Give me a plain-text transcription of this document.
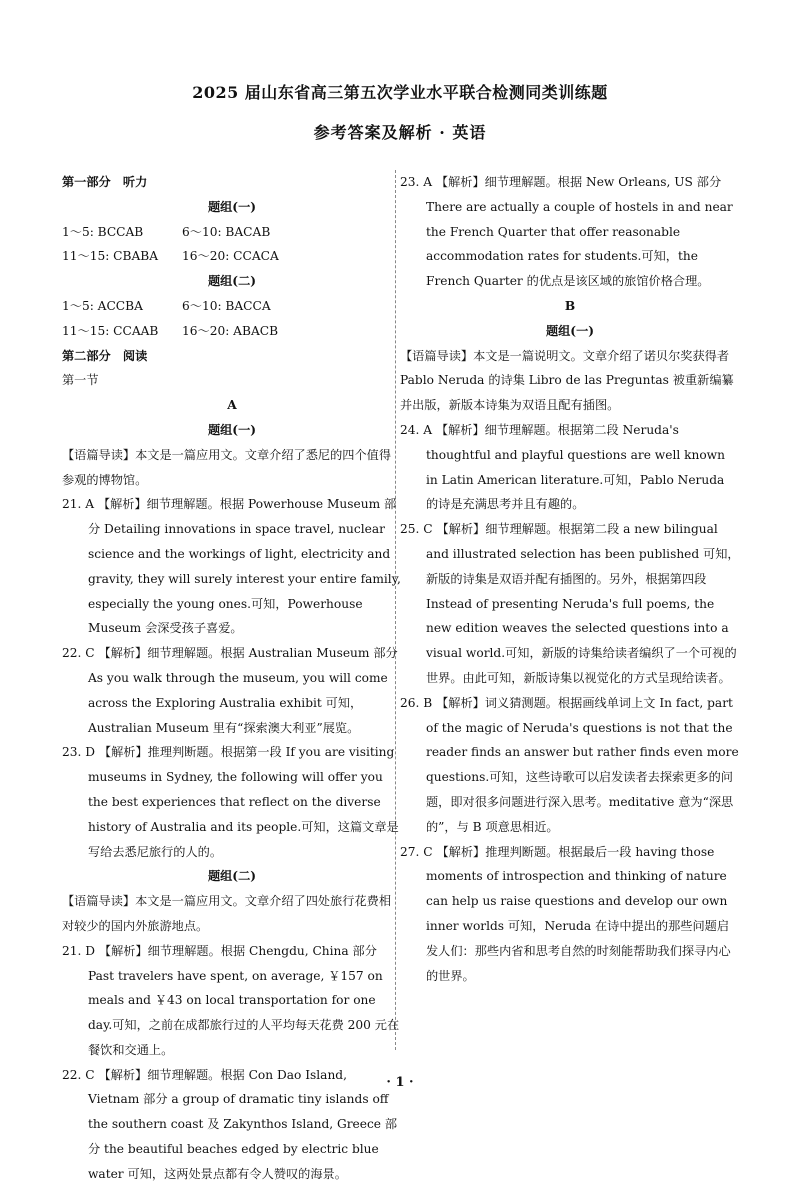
2025 届山东省高三第五次学业水平联合检测同类训练题
参考答案及解析 · 英语

第一部分　听力

题组(一)

1～5: BCCAB	6～10: BACAB
11～15: CBABA	16～20: CCACA

题组(二)

1～5: ACCBA	6～10: BACCA
11～15: CCAAB	16～20: ABACB

第二部分　阅读

第一节

A

题组(一)

【语篇导读】本文是一篇应用文。文章介绍了悉尼的四个值得参观的博物馆。

21. A 【解析】细节理解题。根据 Powerhouse Museum 部分 Detailing innovations in space travel, nuclear science and the workings of light, electricity and gravity, they will surely interest your entire family, especially the young ones.可知，Powerhouse Museum 会深受孩子喜爱。

22. C 【解析】细节理解题。根据 Australian Museum 部分 As you walk through the museum, you will come across the Exploring Australia exhibit 可知，Australian Museum 里有“探索澳大利亚”展览。

23. D 【解析】推理判断题。根据第一段 If you are visiting museums in Sydney, the following will offer you the best experiences that reflect on the diverse history of Australia and its people.可知，这篇文章是写给去悉尼旅行的人的。

题组(二)

【语篇导读】本文是一篇应用文。文章介绍了四处旅行花费相对较少的国内外旅游地点。

21. D 【解析】细节理解题。根据 Chengdu, China 部分 Past travelers have spent, on average, ￥157 on meals and ￥43 on local transportation for one day.可知，之前在成都旅行过的人平均每天花费 200 元在餐饮和交通上。

22. C 【解析】细节理解题。根据 Con Dao Island, Vietnam 部分 a group of dramatic tiny islands off the southern coast 及 Zakynthos Island, Greece 部分 the beautiful beaches edged by electric blue water 可知，这两处景点都有令人赞叹的海景。

23. A 【解析】细节理解题。根据 New Orleans, US 部分 There are actually a couple of hostels in and near the French Quarter that offer reasonable accommodation rates for students.可知，the French Quarter 的优点是该区域的旅馆价格合理。

B

题组(一)

【语篇导读】本文是一篇说明文。文章介绍了诺贝尔奖获得者 Pablo Neruda 的诗集 Libro de las Preguntas 被重新编纂并出版，新版本诗集为双语且配有插图。

24. A 【解析】细节理解题。根据第二段 Neruda's thoughtful and playful questions are well known in Latin American literature.可知，Pablo Neruda 的诗是充满思考并且有趣的。

25. C 【解析】细节理解题。根据第二段 a new bilingual and illustrated selection has been published 可知，新版的诗集是双语并配有插图的。另外，根据第四段 Instead of presenting Neruda's full poems, the new edition weaves the selected questions into a visual world.可知，新版的诗集给读者编织了一个可视的世界。由此可知，新版诗集以视觉化的方式呈现给读者。

26. B 【解析】词义猜测题。根据画线单词上文 In fact, part of the magic of Neruda's questions is not that the reader finds an answer but rather finds even more questions.可知，这些诗歌可以启发读者去探索更多的问题，即对很多问题进行深入思考。meditative 意为“深思的”，与 B 项意思相近。

27. C 【解析】推理判断题。根据最后一段 having those moments of introspection and thinking of nature can help us raise questions and develop our own inner worlds 可知，Neruda 在诗中提出的那些问题启发人们：那些内省和思考自然的时刻能帮助我们探寻内心的世界。

· 1 ·
